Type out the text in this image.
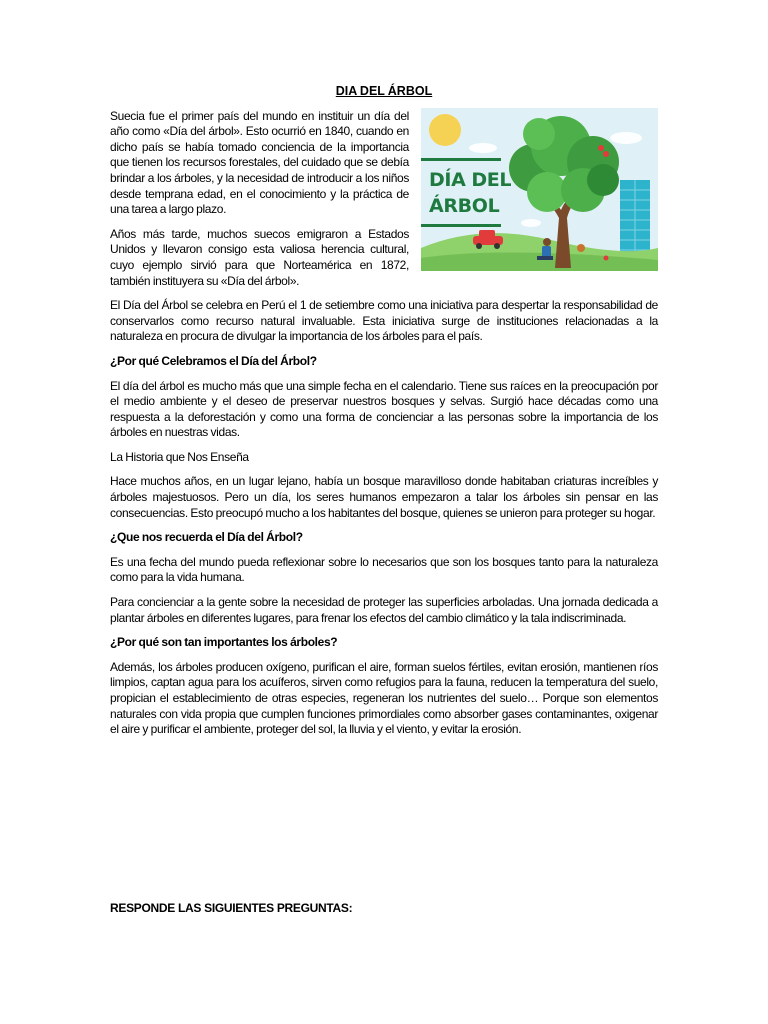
DIA DEL ÁRBOL
DÍA DEL
ÁRBOL

Suecia fue el primer país del mundo en instituir un día del año como «Día del árbol». Esto ocurrió en 1840, cuando en dicho país se había tomado conciencia de la importancia que tienen los recursos forestales, del cuidado que se debía brindar a los árboles, y la necesidad de introducir a los niños desde temprana edad, en el conocimiento y la práctica de una tarea a largo plazo.

Años más tarde, muchos suecos emigraron a Estados Unidos y llevaron consigo esta valiosa herencia cultural, cuyo ejemplo sirvió para que Norteamérica en 1872, también instituyera su «Día del árbol».

El Día del Árbol se celebra en Perú el 1 de setiembre como una iniciativa para despertar la responsabilidad de conservarlos como recurso natural invaluable. Esta iniciativa surge de instituciones relacionadas a la naturaleza en procura de divulgar la importancia de los árboles para el país.

¿Por qué Celebramos el Día del Árbol?

El día del árbol es mucho más que una simple fecha en el calendario. Tiene sus raíces en la preocupación por el medio ambiente y el deseo de preservar nuestros bosques y selvas. Surgió hace décadas como una respuesta a la deforestación y como una forma de concienciar a las personas sobre la importancia de los árboles en nuestras vidas.

La Historia que Nos Enseña

Hace muchos años, en un lugar lejano, había un bosque maravilloso donde habitaban criaturas increíbles y árboles majestuosos. Pero un día, los seres humanos empezaron a talar los árboles sin pensar en las consecuencias. Esto preocupó mucho a los habitantes del bosque, quienes se unieron para proteger su hogar.

¿Que nos recuerda el Día del Árbol?

Es una fecha del mundo pueda reflexionar sobre lo necesarios que son los bosques tanto para la naturaleza como para la vida humana.

Para concienciar a la gente sobre la necesidad de proteger las superficies arboladas. Una jornada dedicada a plantar árboles en diferentes lugares, para frenar los efectos del cambio climático y la tala indiscriminada.

¿Por qué son tan importantes los árboles?

Además, los árboles producen oxígeno, purifican el aire, forman suelos fértiles, evitan erosión, mantienen ríos limpios, captan agua para los acuíferos, sirven como refugios para la fauna, reducen la temperatura del suelo, propician el establecimiento de otras especies, regeneran los nutrientes del suelo… Porque son elementos naturales con vida propia que cumplen funciones primordiales como absorber gases contaminantes, oxigenar el aire y purificar el ambiente, proteger del sol, la lluvia y el viento, y evitar la erosión.

RESPONDE LAS SIGUIENTES PREGUNTAS:
